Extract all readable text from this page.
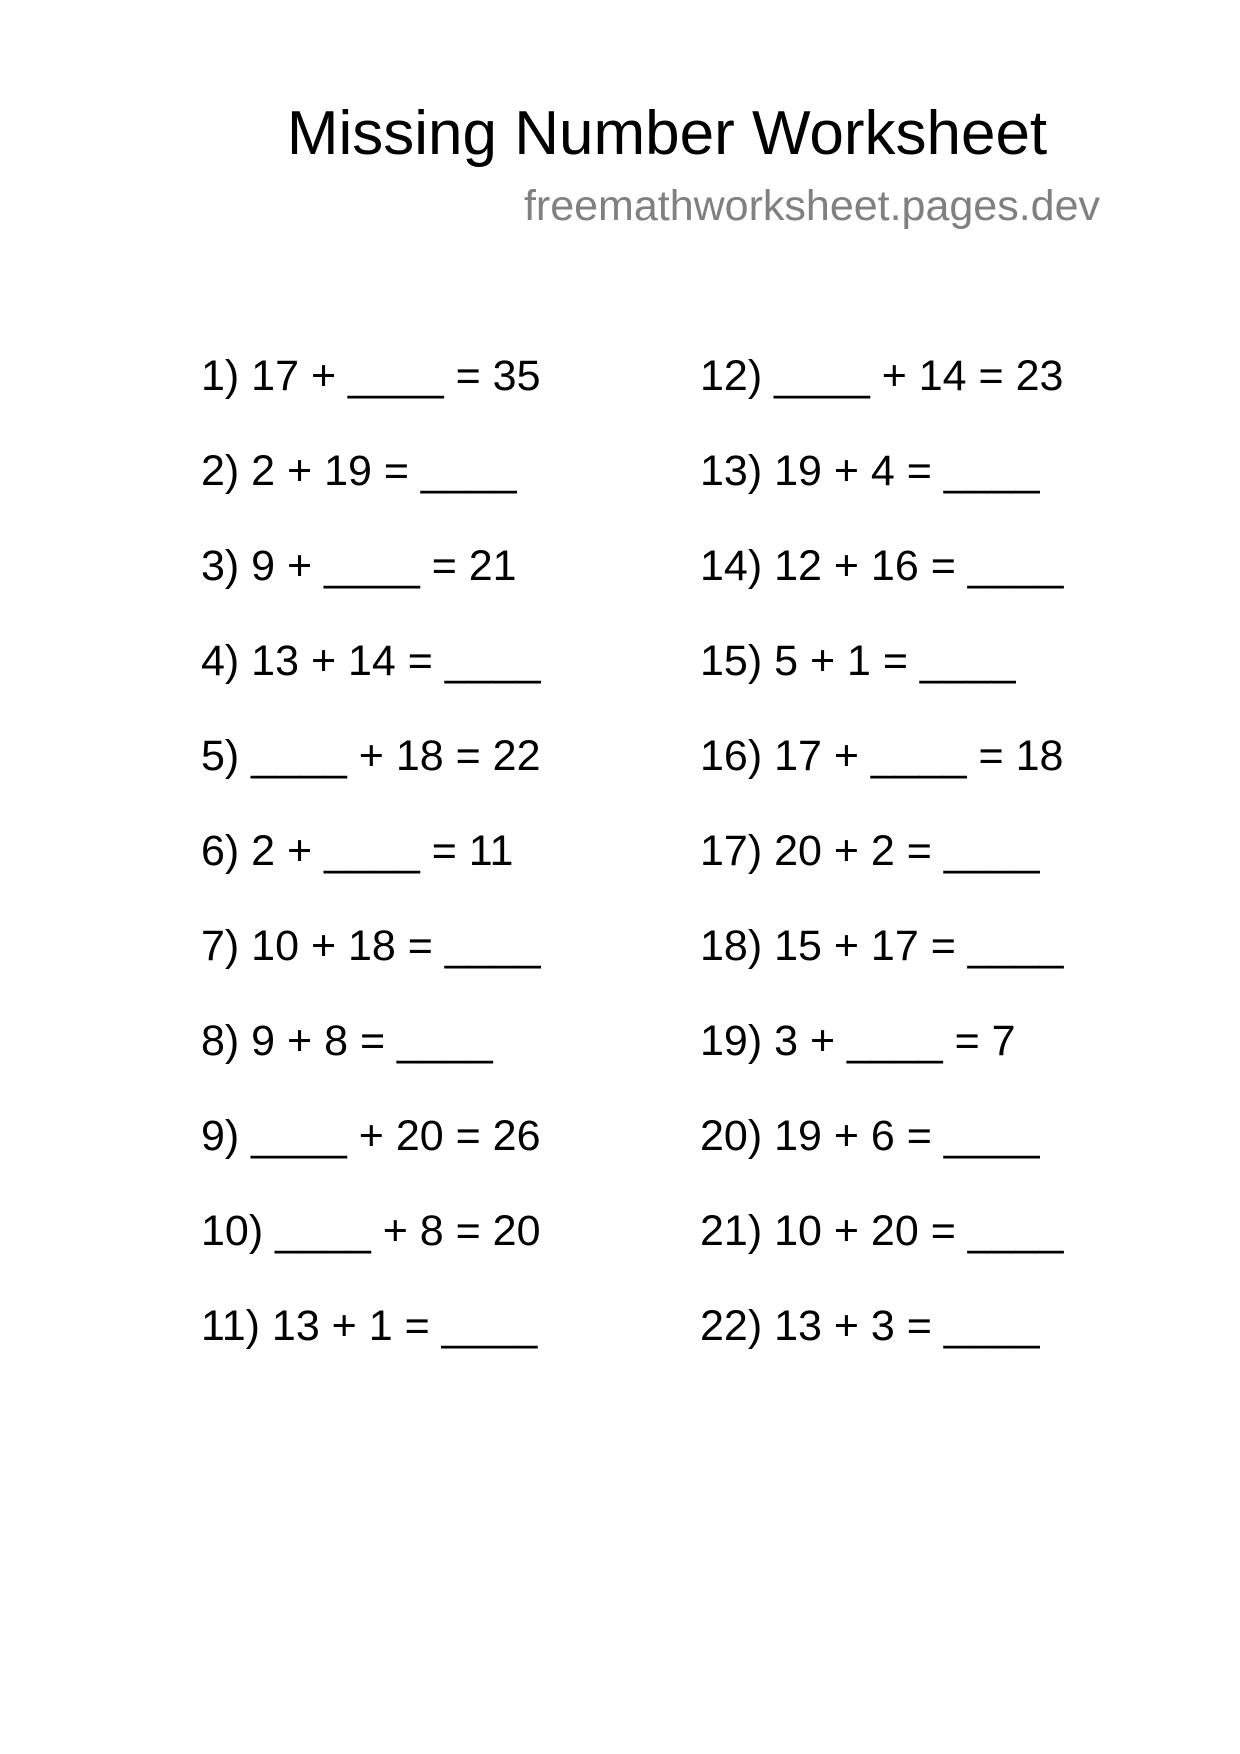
Missing Number Worksheet
freemathworksheet.pages.dev
1) 17 + ____ = 35
2) 2 + 19 = ____
3) 9 + ____ = 21
4) 13 + 14 = ____
5) ____ + 18 = 22
6) 2 + ____ = 11
7) 10 + 18 = ____
8) 9 + 8 = ____
9) ____ + 20 = 26
10) ____ + 8 = 20
11) 13 + 1 = ____
12) ____ + 14 = 23
13) 19 + 4 = ____
14) 12 + 16 = ____
15) 5 + 1 = ____
16) 17 + ____ = 18
17) 20 + 2 = ____
18) 15 + 17 = ____
19) 3 + ____ = 7
20) 19 + 6 = ____
21) 10 + 20 = ____
22) 13 + 3 = ____
